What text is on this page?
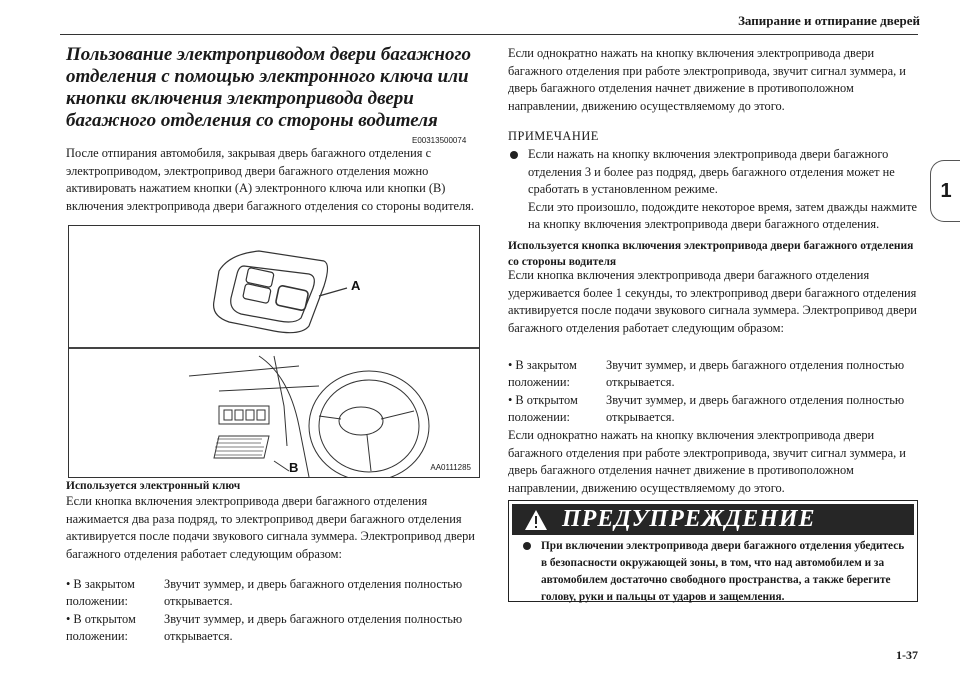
Запирание и отпирание дверей
1
Пользование электроприводом двери багажного отделения с помощью электронного ключа или кнопки включения электропривода двери багажного отделения со стороны водителя
E00313500074
После отпирания автомобиля, закрывая дверь багажного отделения с электроприводом, электропривод двери багажного отделения можно активировать нажатием кнопки (A) электронного ключа или кнопки (B) включения электропривода двери багажного отделения со стороны водителя.
A
B	AA0111285
Используется электронный ключ
Если кнопка включения электропривода двери багажного отделения нажимается два раза подряд, то электропривод двери багажного отделения активируется после подачи звукового сигнала зуммера. Электропривод двери багажного отделения работает следующим образом:
• В закрытом положении:
Звучит зуммер, и дверь багажного отделения полностью открывается.
• В открытом положении:
Звучит зуммер, и дверь багажного отделения полностью открывается.
Если однократно нажать на кнопку включения электропривода двери багажного отделения при работе электропривода, звучит сигнал зуммера, и дверь багажного отделения начнет движение в противоположном направлении, движению осуществляемому до этого.
ПРИМЕЧАНИЕ
Если нажать на кнопку включения электропривода двери багажного отделения 3 и более раз подряд, дверь багажного отделения может не сработать в установленном режиме.
Если это произошло, подождите некоторое время, затем дважды нажмите на кнопку включения электропривода двери багажного отделения.
Используется кнопка включения электропривода двери багажного отделения со стороны водителя
Если кнопка включения электропривода двери багажного отделения удерживается более 1 секунды, то электропривод двери багажного отделения активируется после подачи звукового сигнала зуммера. Электропривод двери багажного отделения работает следующим образом:
• В закрытом положении:
Звучит зуммер, и дверь багажного отделения полностью открывается.
• В открытом положении:
Звучит зуммер, и дверь багажного отделения полностью открывается.
Если однократно нажать на кнопку включения электропривода двери багажного отделения при работе электропривода, звучит сигнал зуммера, и дверь багажного отделения начнет движение в противоположном направлении, движению осуществляемому до этого.
ПРЕДУПРЕЖДЕНИЕ
При включении электропривода двери багажного отделения убедитесь в безопасности окружающей зоны, в том, что над автомобилем и за автомобилем достаточно свободного пространства, а также берегите голову, руки и пальцы от ударов и защемления.
1-37
